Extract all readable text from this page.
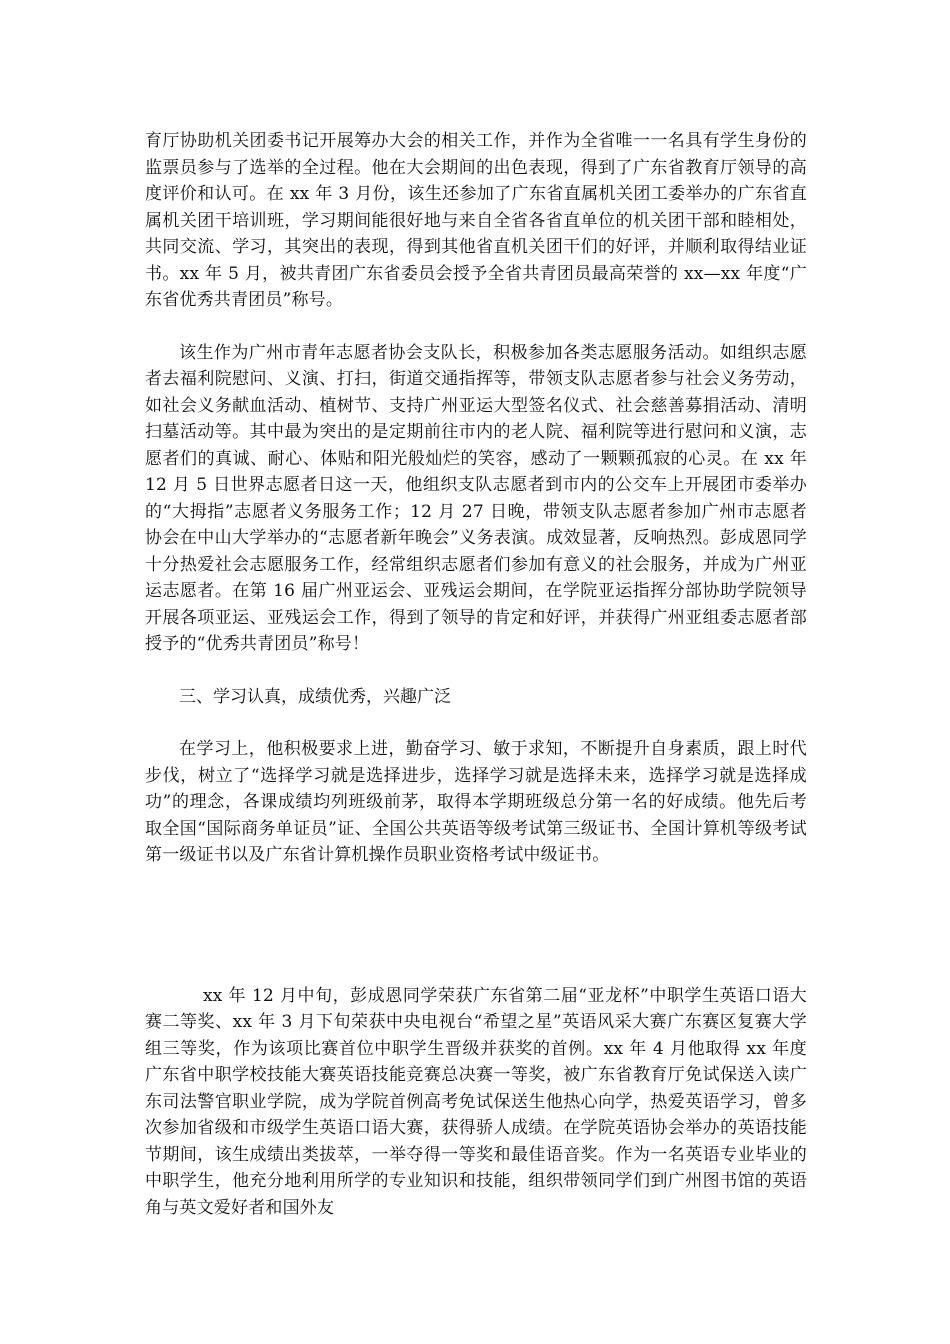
育厅协助机关团委书记开展筹办大会的相关工作，并作为全省唯一一名具有学生身份的监票员参与了选举的全过程。他在大会期间的出色表现，得到了广东省教育厅领导的高度评价和认可。在 xx 年 3 月份，该生还参加了广东省直属机关团工委举办的广东省直属机关团干培训班，学习期间能很好地与来自全省各省直单位的机关团干部和睦相处，共同交流、学习，其突出的表现，得到其他省直机关团干们的好评，并顺利取得结业证书。xx 年 5 月，被共青团广东省委员会授予全省共青团员最高荣誉的 xx—xx 年度“广东省优秀共青团员”称号。

该生作为广州市青年志愿者协会支队长，积极参加各类志愿服务活动。如组织志愿者去福利院慰问、义演、打扫，街道交通指挥等，带领支队志愿者参与社会义务劳动，如社会义务献血活动、植树节、支持广州亚运大型签名仪式、社会慈善募捐活动、清明扫墓活动等。其中最为突出的是定期前往市内的老人院、福利院等进行慰问和义演，志愿者们的真诚、耐心、体贴和阳光般灿烂的笑容，感动了一颗颗孤寂的心灵。在 xx 年 12 月 5 日世界志愿者日这一天，他组织支队志愿者到市内的公交车上开展团市委举办的“大拇指”志愿者义务服务工作；12 月 27 日晚，带领支队志愿者参加广州市志愿者协会在中山大学举办的“志愿者新年晚会”义务表演。成效显著，反响热烈。彭成恩同学十分热爱社会志愿服务工作，经常组织志愿者们参加有意义的社会服务，并成为广州亚运志愿者。在第 16 届广州亚运会、亚残运会期间，在学院亚运指挥分部协助学院领导开展各项亚运、亚残运会工作，得到了领导的肯定和好评，并获得广州亚组委志愿者部授予的“优秀共青团员”称号！

三、学习认真，成绩优秀，兴趣广泛

在学习上，他积极要求上进，勤奋学习、敏于求知，不断提升自身素质，跟上时代步伐，树立了“选择学习就是选择进步，选择学习就是选择未来，选择学习就是选择成功”的理念，各课成绩均列班级前茅，取得本学期班级总分第一名的好成绩。他先后考取全国“国际商务单证员”证、全国公共英语等级考试第三级证书、全国计算机等级考试第一级证书以及广东省计算机操作员职业资格考试中级证书。

xx 年 12 月中旬，彭成恩同学荣获广东省第二届“亚龙杯”中职学生英语口语大赛二等奖、xx 年 3 月下旬荣获中央电视台“希望之星”英语风采大赛广东赛区复赛大学组三等奖，作为该项比赛首位中职学生晋级并获奖的首例。xx 年 4 月他取得 xx 年度广东省中职学校技能大赛英语技能竞赛总决赛一等奖，被广东省教育厅免试保送入读广东司法警官职业学院，成为学院首例高考免试保送生他热心向学，热爱英语学习，曾多次参加省级和市级学生英语口语大赛，获得骄人成绩。在学院英语协会举办的英语技能节期间，该生成绩出类拔萃，一举夺得一等奖和最佳语音奖。作为一名英语专业毕业的中职学生，他充分地利用所学的专业知识和技能，组织带领同学们到广州图书馆的英语角与英文爱好者和国外友
